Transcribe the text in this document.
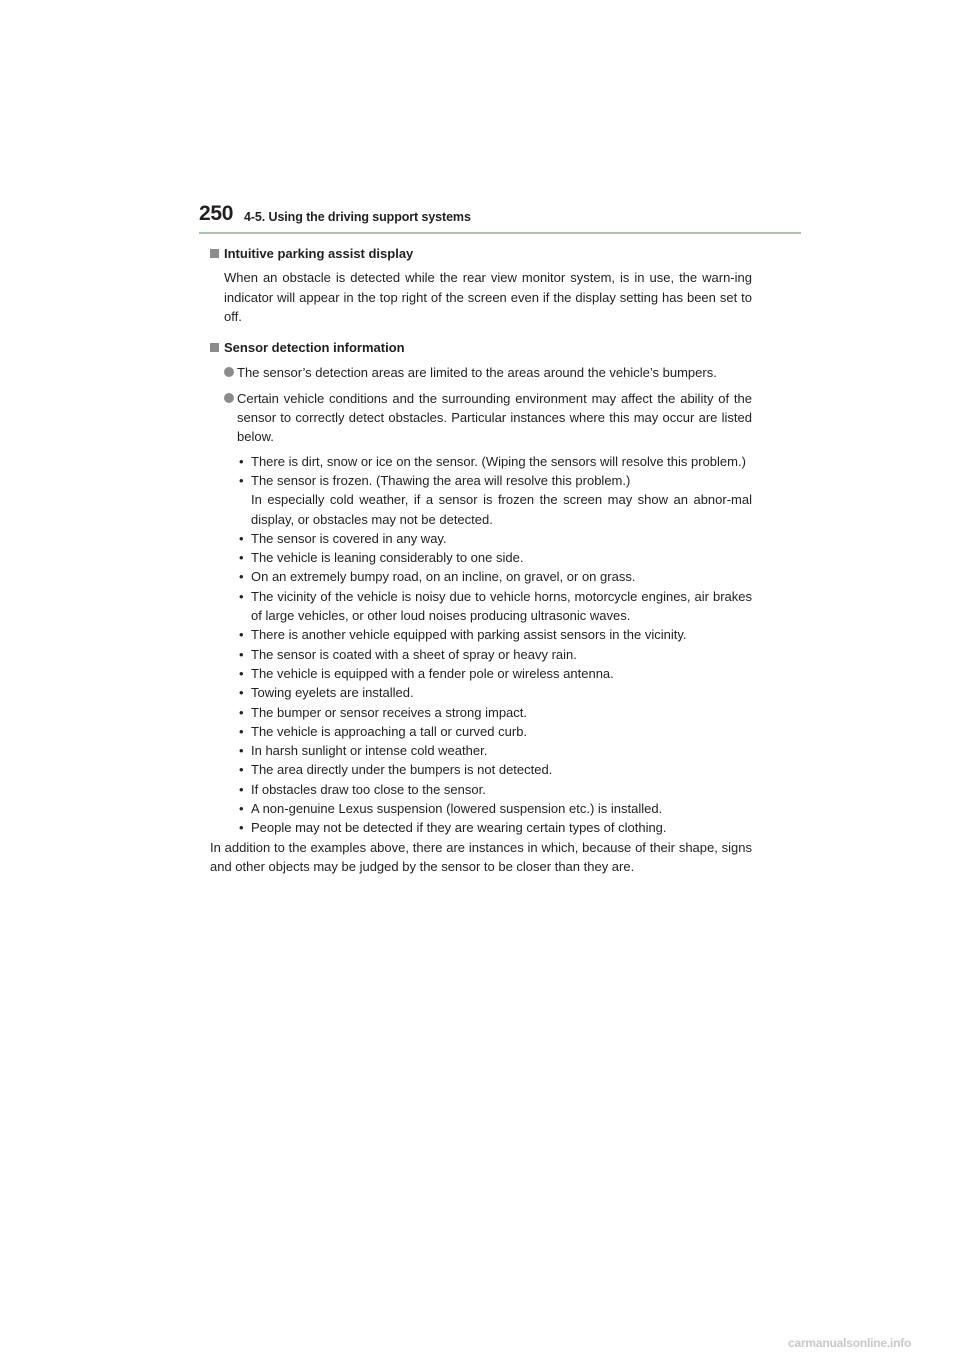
250 4-5. Using the driving support systems

Intuitive parking assist display

When an obstacle is detected while the rear view monitor system, is in use, the warn-ing indicator will appear in the top right of the screen even if the display setting has been set to off.

Sensor detection information

The sensor’s detection areas are limited to the areas around the vehicle’s bumpers.
Certain vehicle conditions and the surrounding environment may affect the ability of the sensor to correctly detect obstacles. Particular instances where this may occur are listed below.
• There is dirt, snow or ice on the sensor. (Wiping the sensors will resolve this problem.)
• The sensor is frozen. (Thawing the area will resolve this problem.)
In especially cold weather, if a sensor is frozen the screen may show an abnor-mal display, or obstacles may not be detected.
• The sensor is covered in any way.
• The vehicle is leaning considerably to one side.
• On an extremely bumpy road, on an incline, on gravel, or on grass.
• The vicinity of the vehicle is noisy due to vehicle horns, motorcycle engines, air brakes of large vehicles, or other loud noises producing ultrasonic waves.
• There is another vehicle equipped with parking assist sensors in the vicinity.
• The sensor is coated with a sheet of spray or heavy rain.
• The vehicle is equipped with a fender pole or wireless antenna.
• Towing eyelets are installed.
• The bumper or sensor receives a strong impact.
• The vehicle is approaching a tall or curved curb.
• In harsh sunlight or intense cold weather.
• The area directly under the bumpers is not detected.
• If obstacles draw too close to the sensor.
• A non-genuine Lexus suspension (lowered suspension etc.) is installed.
• People may not be detected if they are wearing certain types of clothing.

In addition to the examples above, there are instances in which, because of their shape, signs and other objects may be judged by the sensor to be closer than they are.

carmanualsonline.info
